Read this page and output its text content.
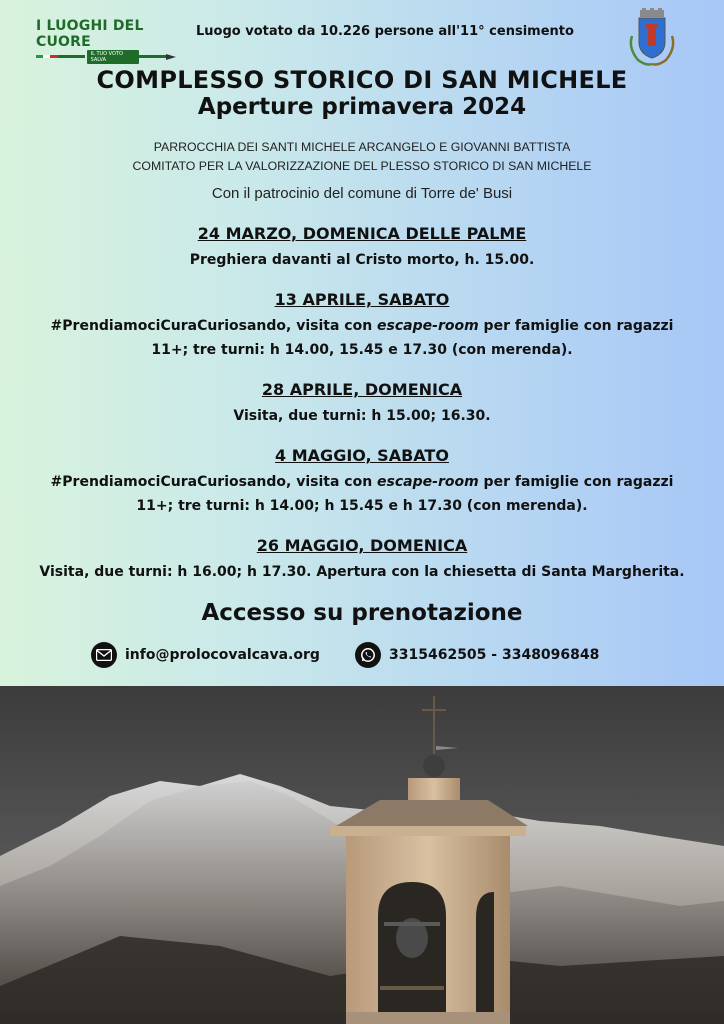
I LUOGHI DEL CUORE
IL TUO VOTO SALVA
Luogo votato da 10.226 persone all'11° censimento
COMPLESSO STORICO DI SAN MICHELE
Aperture primavera 2024
PARROCCHIA DEI SANTI MICHELE ARCANGELO E GIOVANNI BATTISTA
COMITATO PER LA VALORIZZAZIONE DEL PLESSO STORICO DI SAN MICHELE
Con il patrocinio del comune di Torre de' Busi
24 MARZO, DOMENICA DELLE PALME
Preghiera davanti al Cristo morto, h. 15.00.
13 APRILE, SABATO
#PrendiamociCuraCuriosando, visita con escape-room per famiglie con ragazzi
11+; tre turni: h 14.00, 15.45 e 17.30 (con merenda).
28 APRILE, DOMENICA
Visita, due turni: h 15.00; 16.30.
4 MAGGIO, SABATO
#PrendiamociCuraCuriosando, visita con escape-room per famiglie con ragazzi
11+; tre turni: h 14.00; h 15.45 e h 17.30 (con merenda).
26 MAGGIO, DOMENICA
Visita, due turni: h 16.00; h 17.30. Apertura con la chiesetta di Santa Margherita.
Accesso su prenotazione
info@prolocovalcava.org	3315462505 - 3348096848
